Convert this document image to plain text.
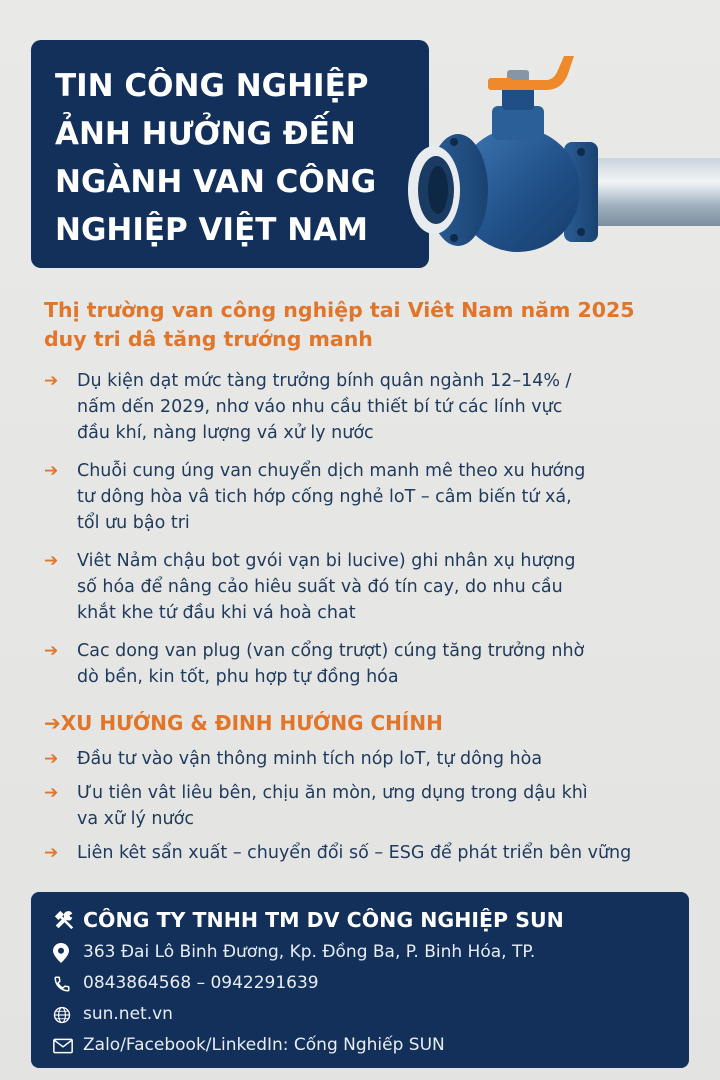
TIN CÔNG NGHIỆP
ẢNH HƯỞNG ĐẾN
NGÀNH VAN CÔNG
NGHIỆP VIỆT NAM
Thị trường van công nghiệp tai Viêt Nam năm 2025
duy tri dâ tăng trướng manh
➔	Dụ kiện dạt mức tàng trưởng bính quân ngành 12–14% /
nấm dến 2029, nhơ váo nhu cầu thiết bí tứ các lính vực
đầu khí, nàng lượng vá xử ly nước
➔	Chuỗi cung úng van chuyển dịch manh mê theo xu hướng
tư dông hòa vâ tich hớp cống nghẻ loT – câm biến tứ xá,
tổl ưu bậo tri
➔	Viêt Nảm chậu bot gvói vạn bi lucive) ghi nhân xụ hượng
số hóa để nâng cảo hiêu suất và đó tín cay, do nhu cầu
khắt khe tứ đầu khi vá hoà chat
➔	Cac dong van plug (van cổng trượt) cúng tăng trưởng nhờ
dò bền, kin tốt, phu hợp tự đồng hóa
➔XU HƯỚNG & ĐINH HƯỚNG CHÍNH
➔	Đầu tư vào vận thông minh tích nóp loT, tự dông hòa
➔	Ưu tiên vât liêu bên, chịu ăn mòn, ưng dụng trong dậu khì
va xữ lý nước
➔	Liên kêt sẩn xuất – chuyển đổi số – ESG để phát triển bên vững
CÔNG TY TNHH TM DV CÔNG NGHIỆP SUN
363 Đai Lô Binh Đương, Kp. Đồng Ba, P. Binh Hóa, TP.
0843864568 – 0942291639
sun.net.vn
Zalo/Facebook/LinkedIn: Cống Nghiếp SUN
